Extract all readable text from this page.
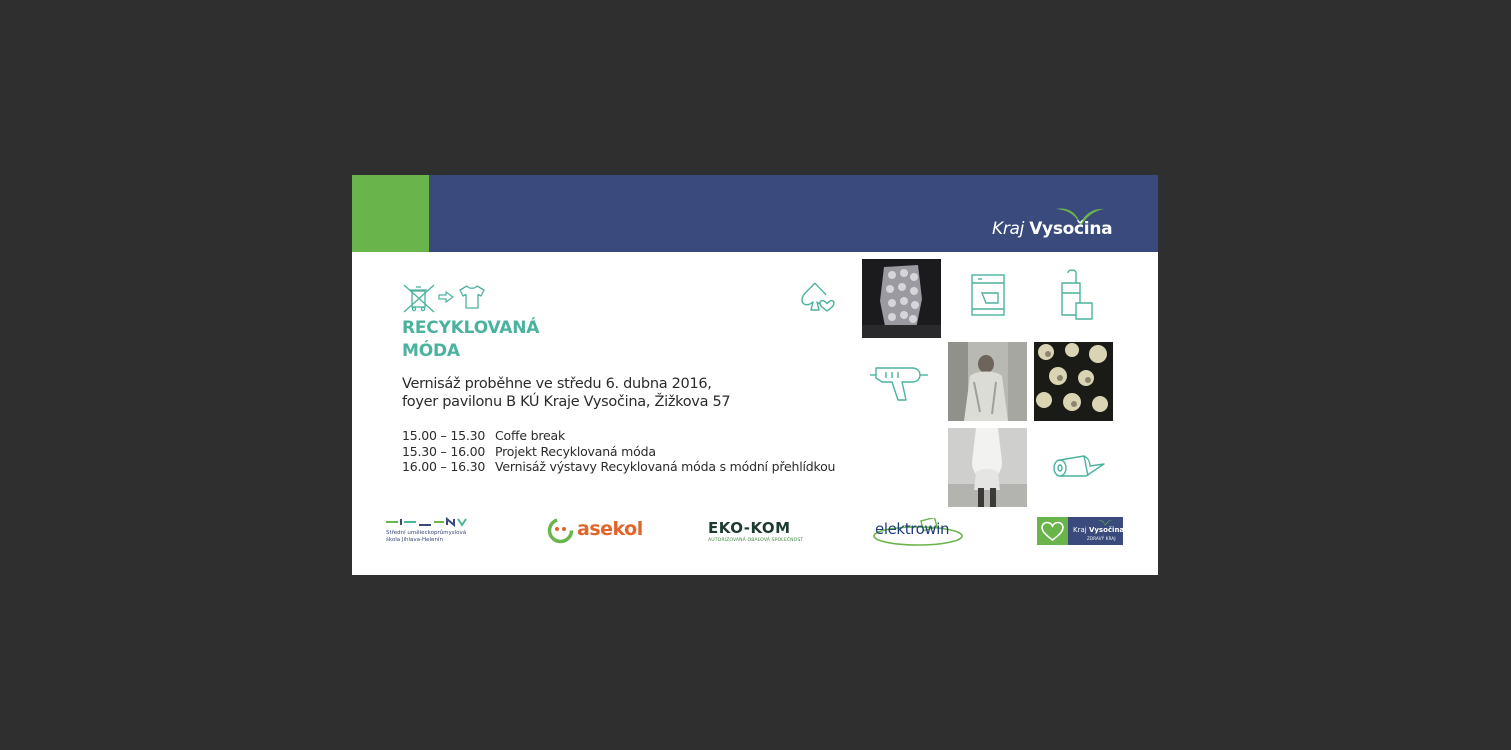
Kraj Vysočina
RECYKLOVANÁ
MÓDA
Vernisáž proběhne ve středu 6. dubna 2016,
foyer pavilonu B KÚ Kraje Vysočina, Žižkova 57
15.00 – 15.30 Coffe break
15.30 – 16.00 Projekt Recyklovaná móda
16.00 – 16.30 Vernisáž výstavy Recyklovaná móda s módní přehlídkou
Střední uměleckoprůmyslová
škola Jihlava-Helenín	asekol	EKO-KOM
AUTORIZOVANÁ OBALOVÁ SPOLEČNOST
elektrowin	Kraj Vysočina
ZDRAVÝ KRAJ
